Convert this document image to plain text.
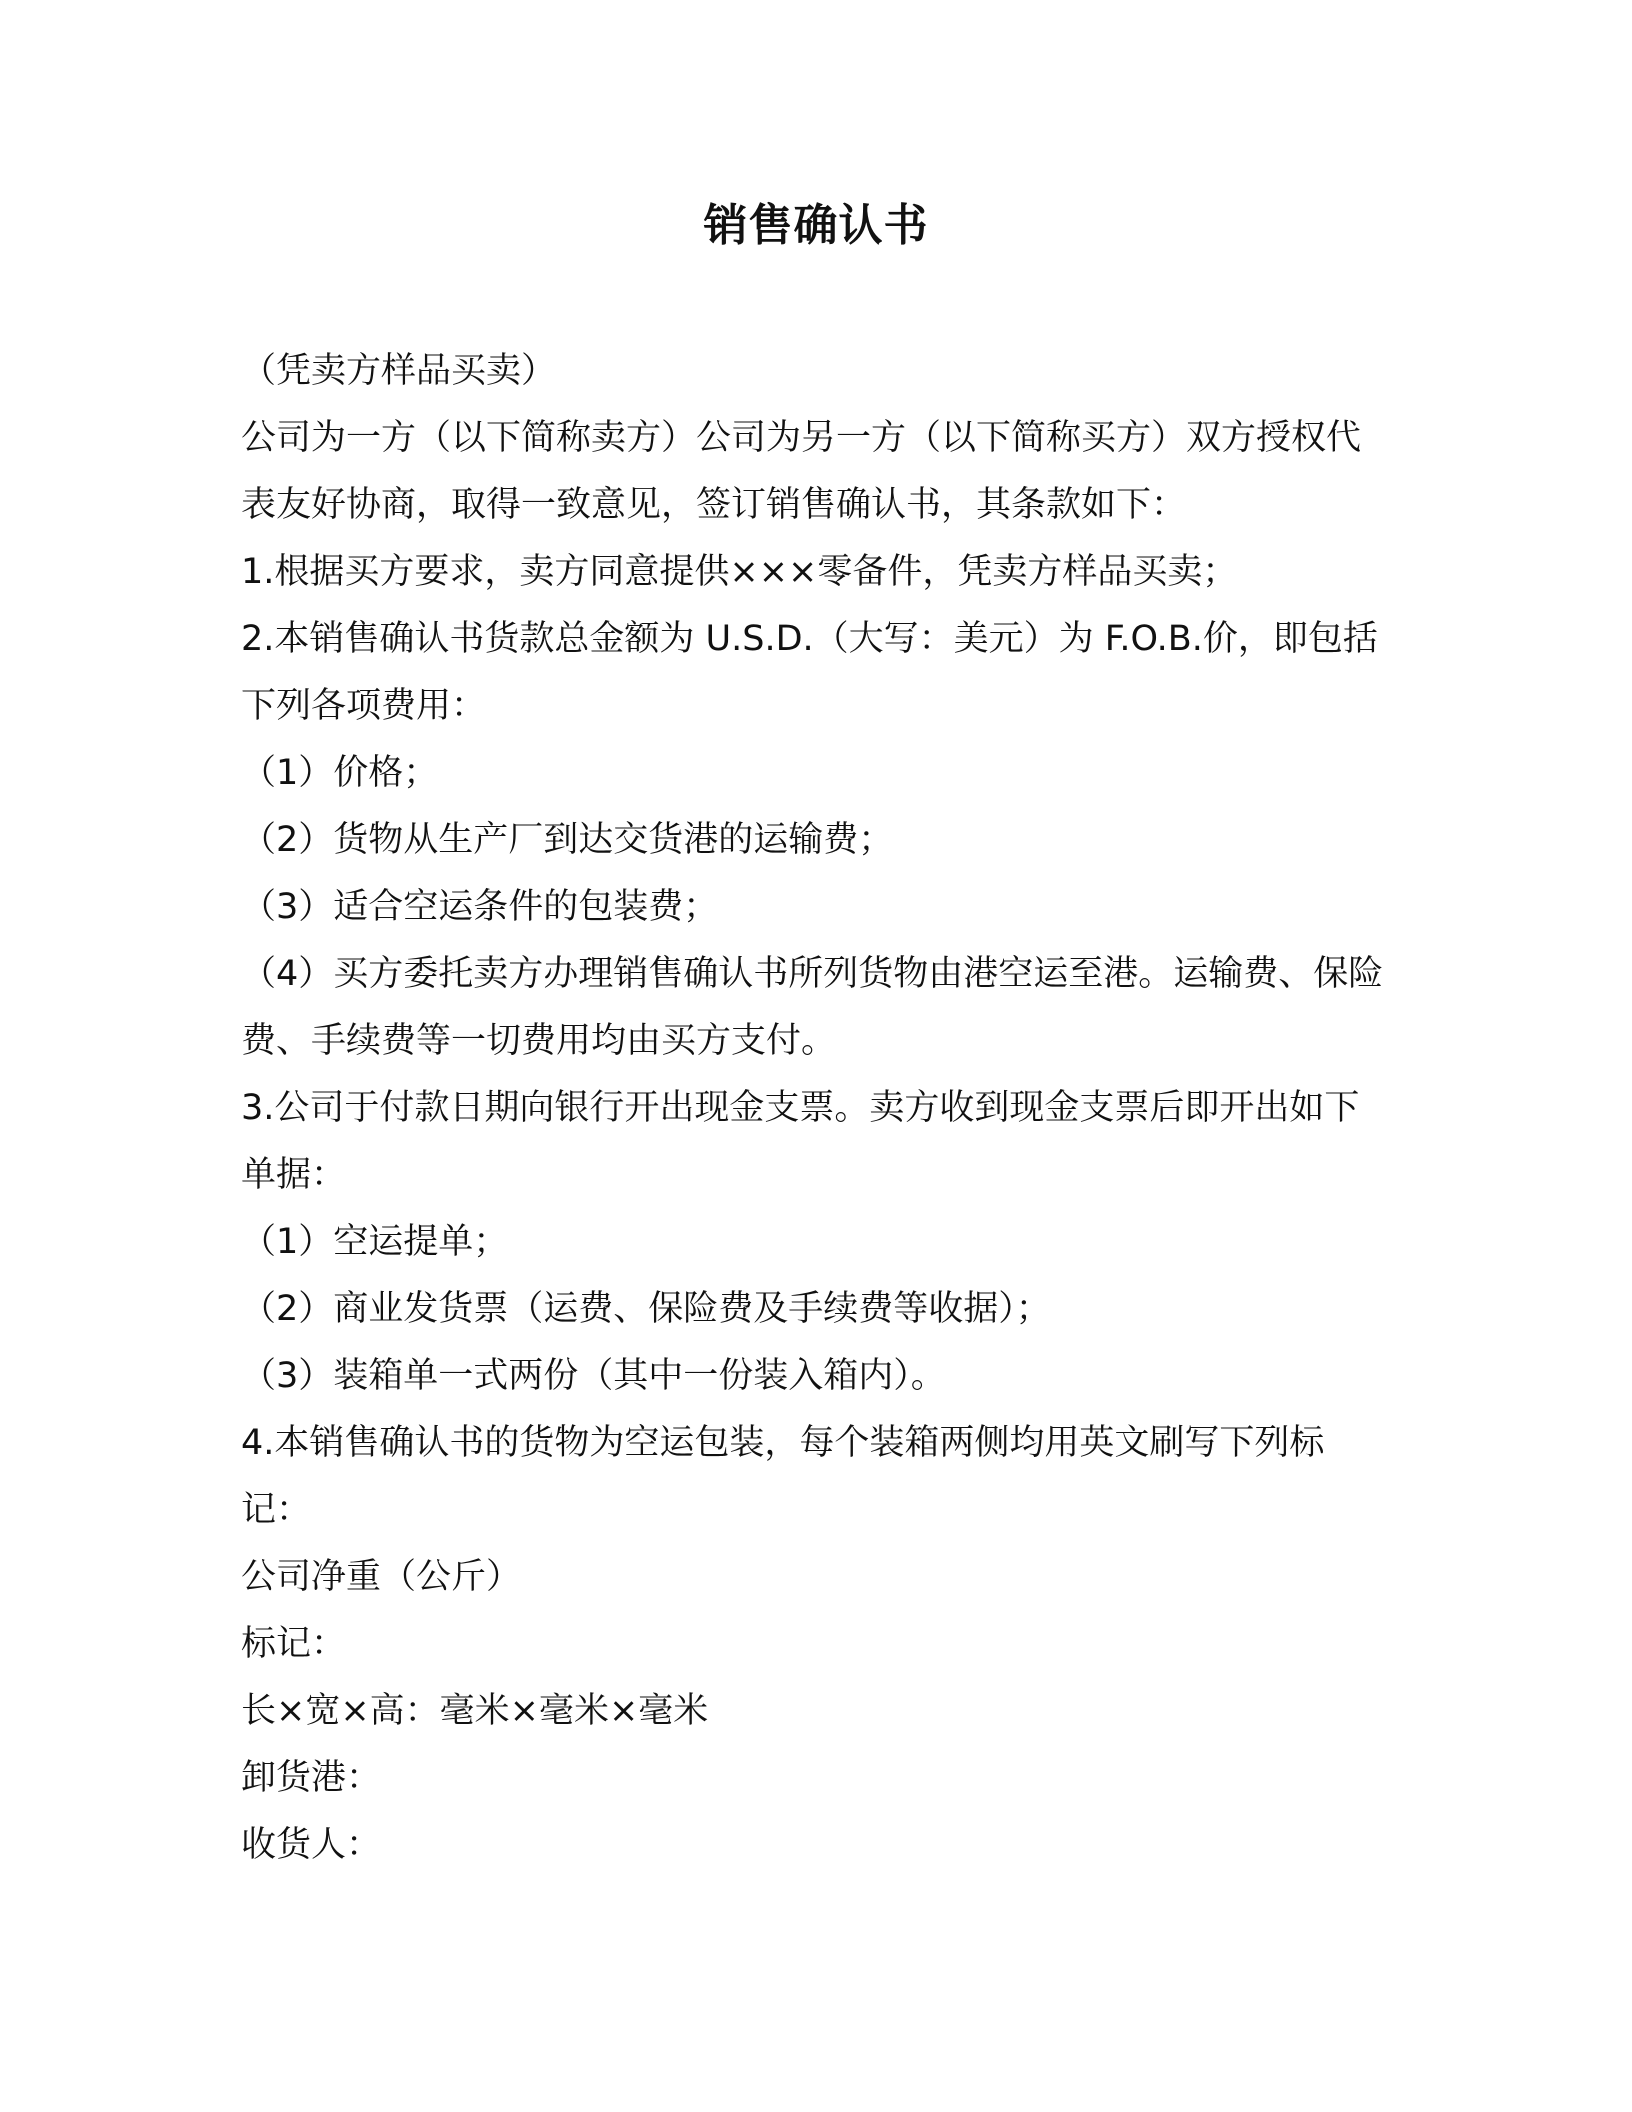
销售确认书

（凭卖方样品买卖）

公司为一方（以下简称卖方）公司为另一方（以下简称买方）双方授权代表友好协商，取得一致意见，签订销售确认书，其条款如下：

1.根据买方要求，卖方同意提供×××零备件，凭卖方样品买卖；

2.本销售确认书货款总金额为 U.S.D.（大写：美元）为 F.O.B.价，即包括下列各项费用：

（1）价格；

（2）货物从生产厂到达交货港的运输费；

（3）适合空运条件的包装费；

（4）买方委托卖方办理销售确认书所列货物由港空运至港。运输费、保险费、手续费等一切费用均由买方支付。

3.公司于付款日期向银行开出现金支票。卖方收到现金支票后即开出如下单据：

（1）空运提单；

（2）商业发货票（运费、保险费及手续费等收据）；

（3）装箱单一式两份（其中一份装入箱内）。

4.本销售确认书的货物为空运包装，每个装箱两侧均用英文刷写下列标记：

公司净重（公斤）

标记：

长×宽×高：毫米×毫米×毫米

卸货港：

收货人：
